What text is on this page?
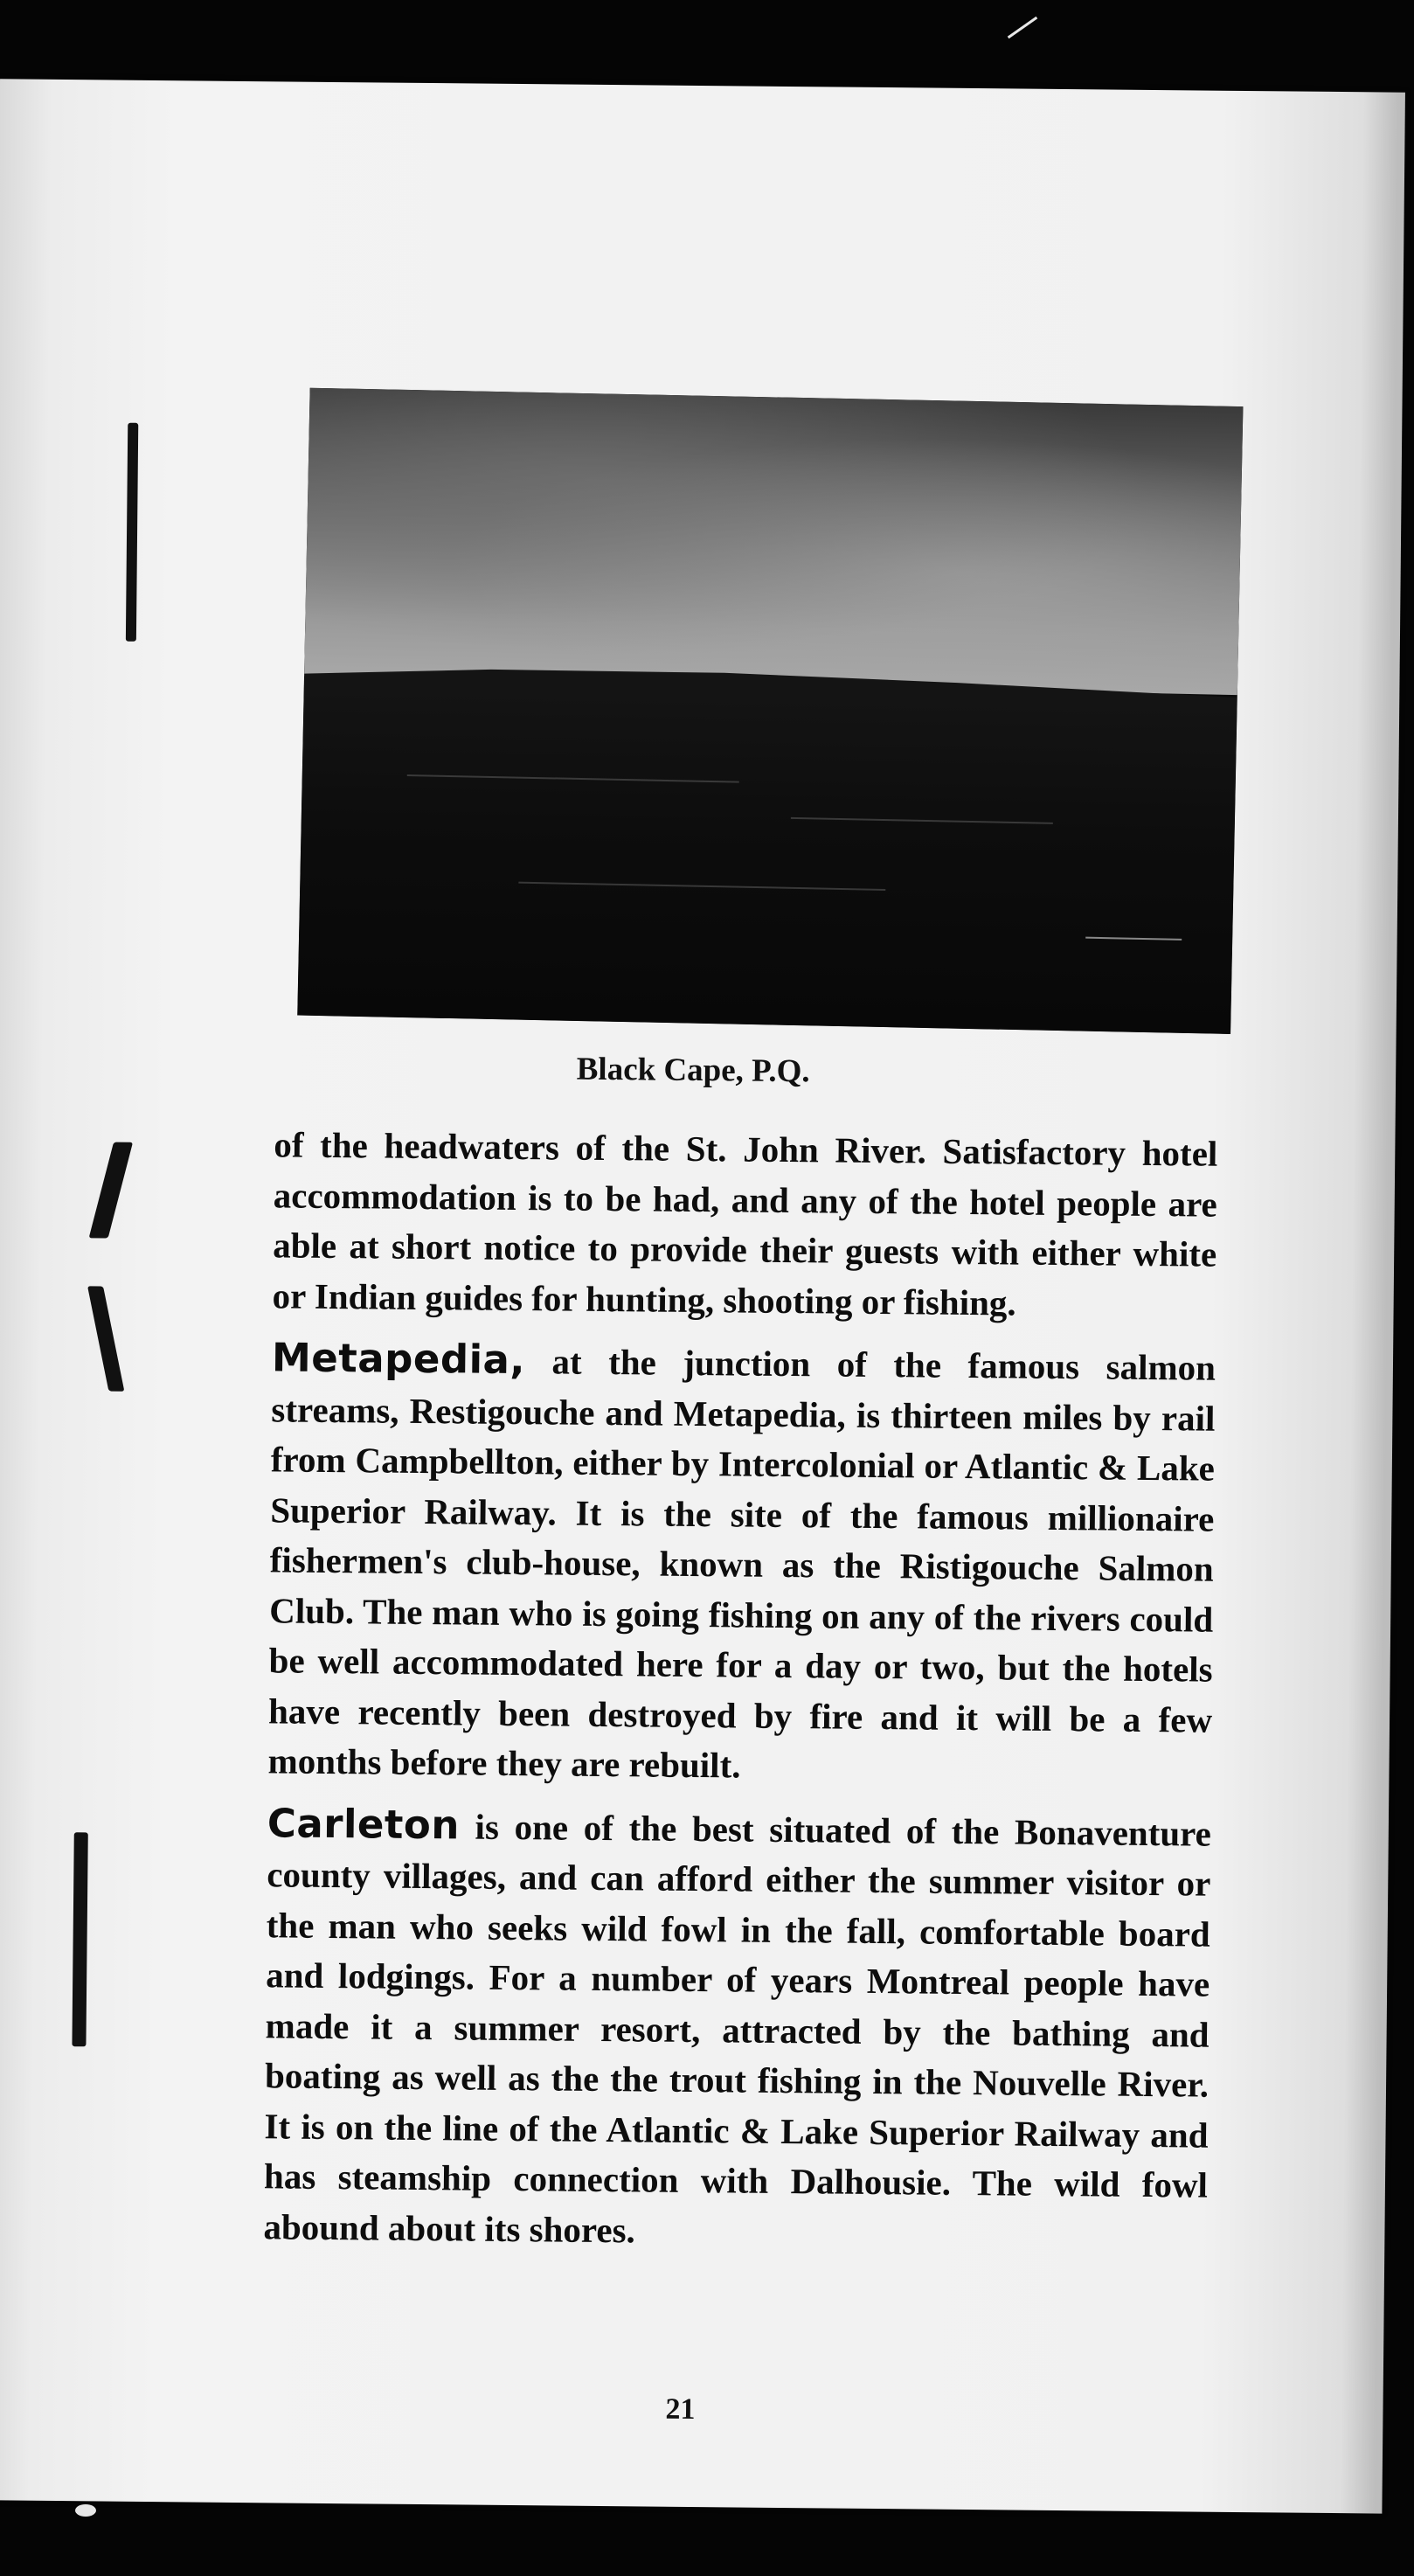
Black Cape, P.Q.

of the headwaters of the St. John River. Satisfactory hotel accommodation is to be had, and any of the hotel people are able at short notice to provide their guests with either white or Indian guides for hunting, shooting or fishing.

Metapedia, at the junction of the famous salmon streams, Restigouche and Metapedia, is thirteen miles by rail from Campbellton, either by Intercolonial or Atlantic & Lake Superior Railway. It is the site of the famous millionaire fishermen's club-house, known as the Ristigouche Salmon Club. The man who is going fishing on any of the rivers could be well accommodated here for a day or two, but the hotels have recently been destroyed by fire and it will be a few months before they are rebuilt.

Carleton is one of the best situated of the Bonaventure county villages, and can afford either the summer visitor or the man who seeks wild fowl in the fall, comfortable board and lodgings. For a number of years Montreal people have made it a summer resort, attracted by the bathing and boating as well as the the trout fishing in the Nouvelle River. It is on the line of the Atlantic & Lake Superior Railway and has steamship connection with Dalhousie. The wild fowl abound about its shores.

21
